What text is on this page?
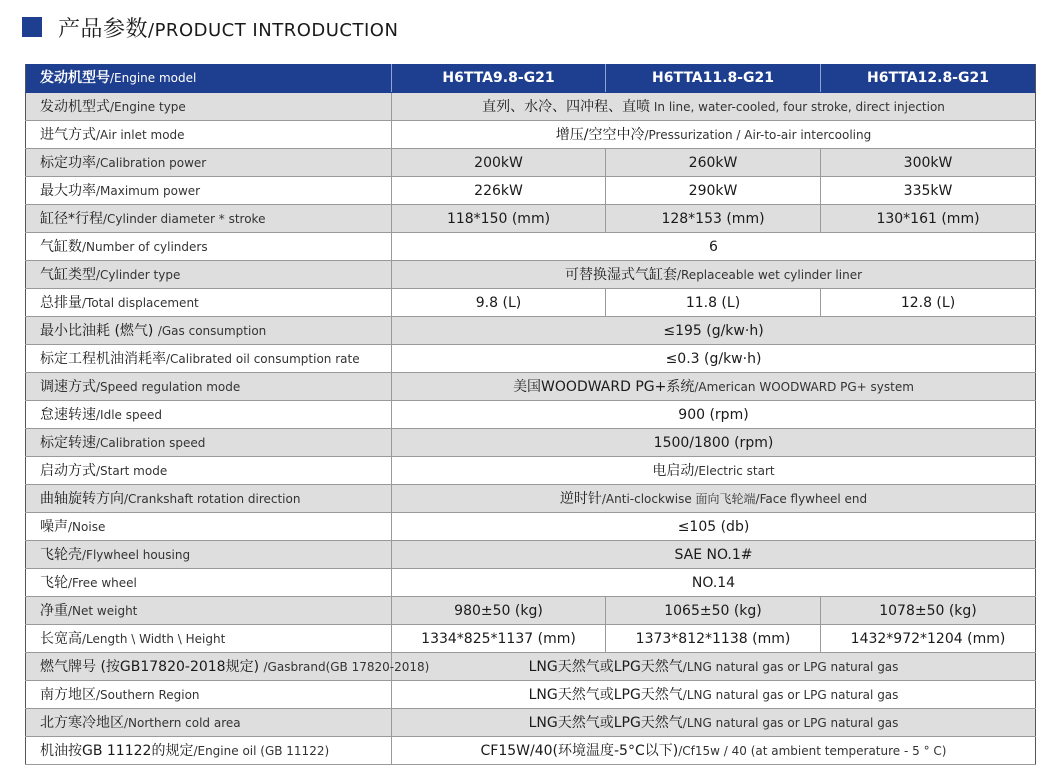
产品参数/PRODUCT INTRODUCTION
发动机型号/Engine model	H6TTA9.8-G21	H6TTA11.8-G21	H6TTA12.8-G21
发动机型式/Engine type	直列、水冷、四冲程、直喷 In line, water-cooled, four stroke, direct injection		
进气方式/Air inlet mode	增压/空空中冷/Pressurization / Air-to-air intercooling		
标定功率/Calibration power	200kW	260kW	300kW
最大功率/Maximum power	226kW	290kW	335kW
缸径*行程/Cylinder diameter * stroke	118*150 (mm)	128*153 (mm)	130*161 (mm)
气缸数/Number of cylinders	6		
气缸类型/Cylinder type	可替换湿式气缸套/Replaceable wet cylinder liner		
总排量/Total displacement	9.8 (L)	11.8 (L)	12.8 (L)
最小比油耗 (燃气) /Gas consumption	≤195 (g/kw·h)		
标定工程机油消耗率/Calibrated oil consumption rate	≤0.3 (g/kw·h)		
调速方式/Speed regulation mode	美国WOODWARD PG+系统/American WOODWARD PG+ system		
怠速转速/Idle speed	900 (rpm)		
标定转速/Calibration speed	1500/1800 (rpm)		
启动方式/Start mode	电启动/Electric start		
曲轴旋转方向/Crankshaft rotation direction	逆时针/Anti-clockwise 面向飞轮端/Face flywheel end		
噪声/Noise	≤105 (db)		
飞轮壳/Flywheel housing	SAE NO.1#		
飞轮/Free wheel	NO.14		
净重/Net weight	980±50 (kg)	1065±50 (kg)	1078±50 (kg)
长宽高/Length \ Width \ Height	1334*825*1137 (mm)	1373*812*1138 (mm)	1432*972*1204 (mm)
燃气牌号 (按GB17820-2018规定) /Gasbrand(GB 17820-2018)	LNG天然气或LPG天然气/LNG natural gas or LPG natural gas		
南方地区/Southern Region	LNG天然气或LPG天然气/LNG natural gas or LPG natural gas		
北方寒冷地区/Northern cold area	LNG天然气或LPG天然气/LNG natural gas or LPG natural gas		
机油按GB 11122的规定/Engine oil (GB 11122)	CF15W/40(环境温度-5°C以下)/Cf15w / 40 (at ambient temperature - 5 ° C)		
